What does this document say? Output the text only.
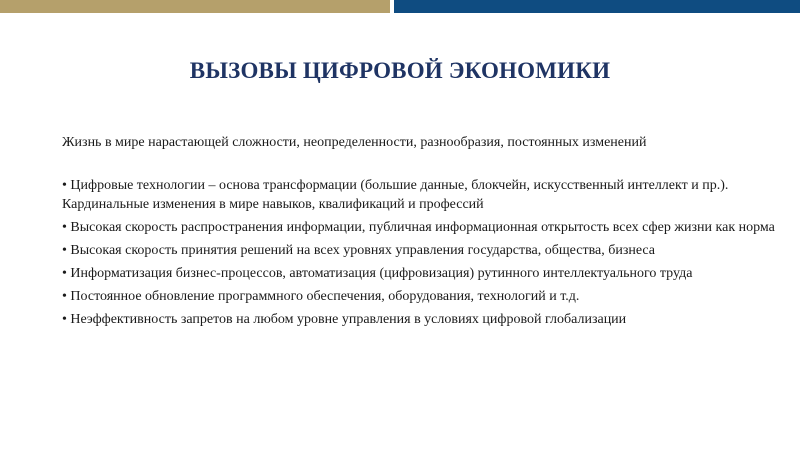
ВЫЗОВЫ ЦИФРОВОЙ ЭКОНОМИКИ

Жизнь в мире нарастающей сложности, неопределенности, разнообразия, постоянных изменений

• Цифровые технологии – основа трансформации (большие данные, блокчейн, искусственный интеллект и пр.). Кардинальные изменения в мире навыков, квалификаций и профессий
• Высокая скорость распространения информации, публичная информационная открытость всех сфер жизни как норма
• Высокая скорость принятия решений на всех уровнях управления государства, общества, бизнеса
• Информатизация бизнес-процессов, автоматизация (цифровизация) рутинного интеллектуального труда
• Постоянное обновление программного обеспечения, оборудования, технологий и т.д.
• Неэффективность запретов на любом уровне управления в условиях цифровой глобализации
